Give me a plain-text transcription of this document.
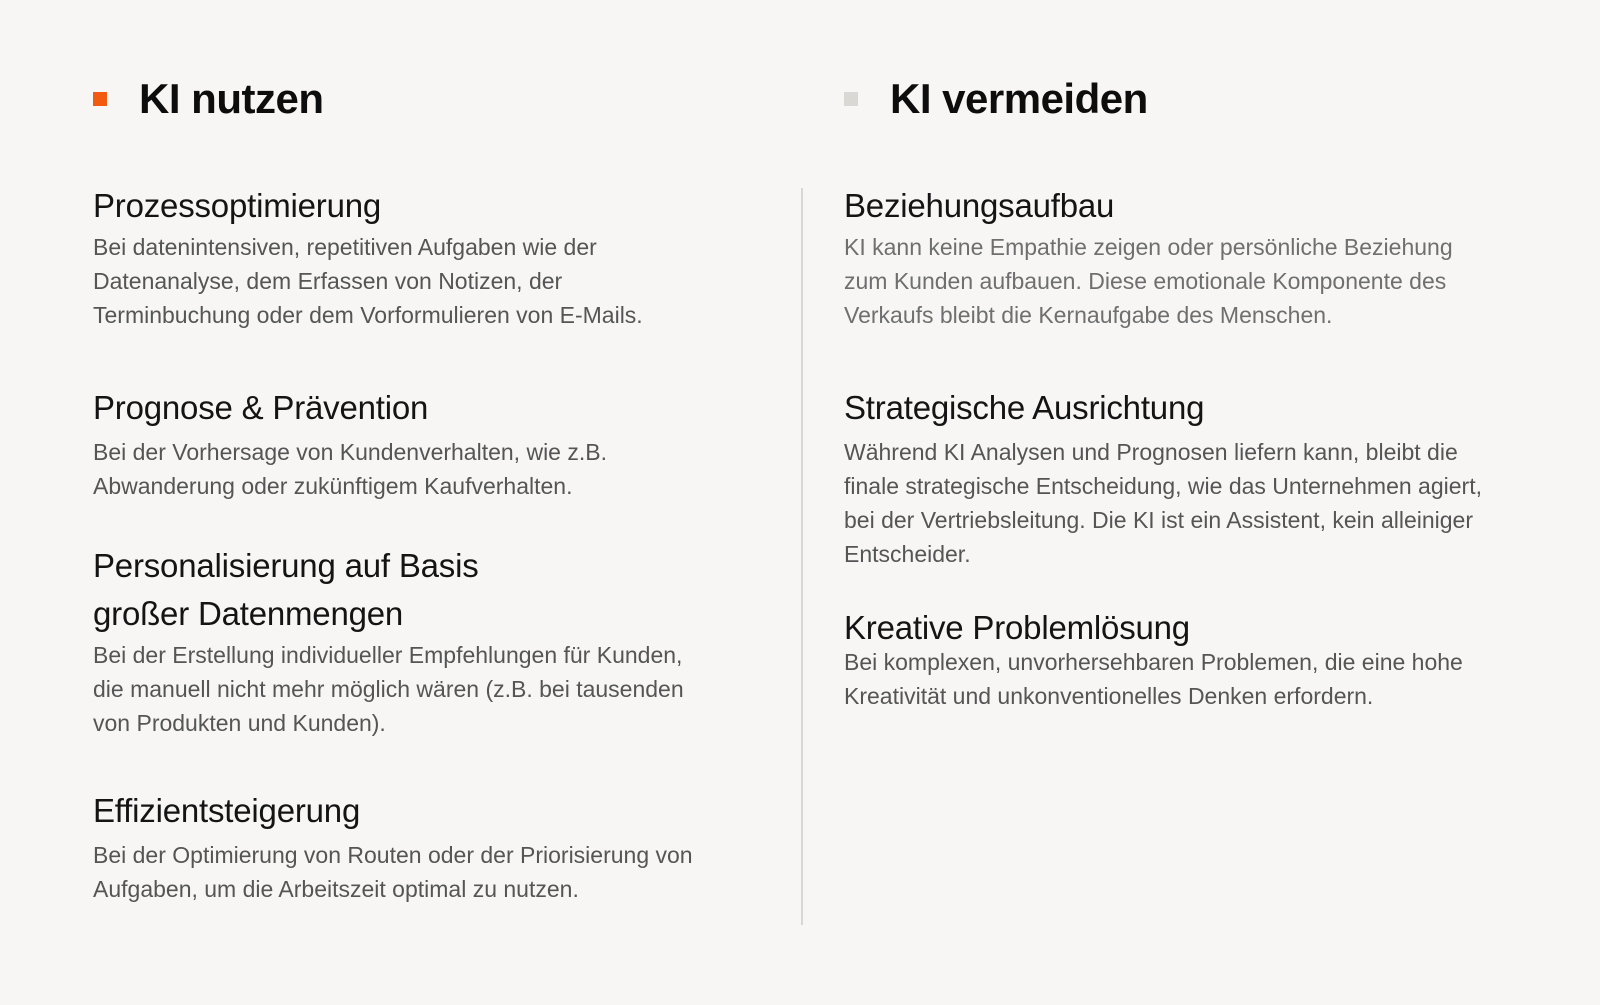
KI nutzen
Prozessoptimierung
Bei datenintensiven, repetitiven Aufgaben wie der
Datenanalyse, dem Erfassen von Notizen, der
Terminbuchung oder dem Vorformulieren von E-Mails.
Prognose & Prävention
Bei der Vorhersage von Kundenverhalten, wie z.B.
Abwanderung oder zukünftigem Kaufverhalten.
Personalisierung auf Basis
großer Datenmengen
Bei der Erstellung individueller Empfehlungen für Kunden,
die manuell nicht mehr möglich wären (z.B. bei tausenden
von Produkten und Kunden).
Effizientsteigerung
Bei der Optimierung von Routen oder der Priorisierung von
Aufgaben, um die Arbeitszeit optimal zu nutzen.
KI vermeiden
Beziehungsaufbau
KI kann keine Empathie zeigen oder persönliche Beziehung
zum Kunden aufbauen. Diese emotionale Komponente des
Verkaufs bleibt die Kernaufgabe des Menschen.
Strategische Ausrichtung
Während KI Analysen und Prognosen liefern kann, bleibt die
finale strategische Entscheidung, wie das Unternehmen agiert,
bei der Vertriebsleitung. Die KI ist ein Assistent, kein alleiniger
Entscheider.
Kreative Problemlösung
Bei komplexen, unvorhersehbaren Problemen, die eine hohe
Kreativität und unkonventionelles Denken erfordern.
